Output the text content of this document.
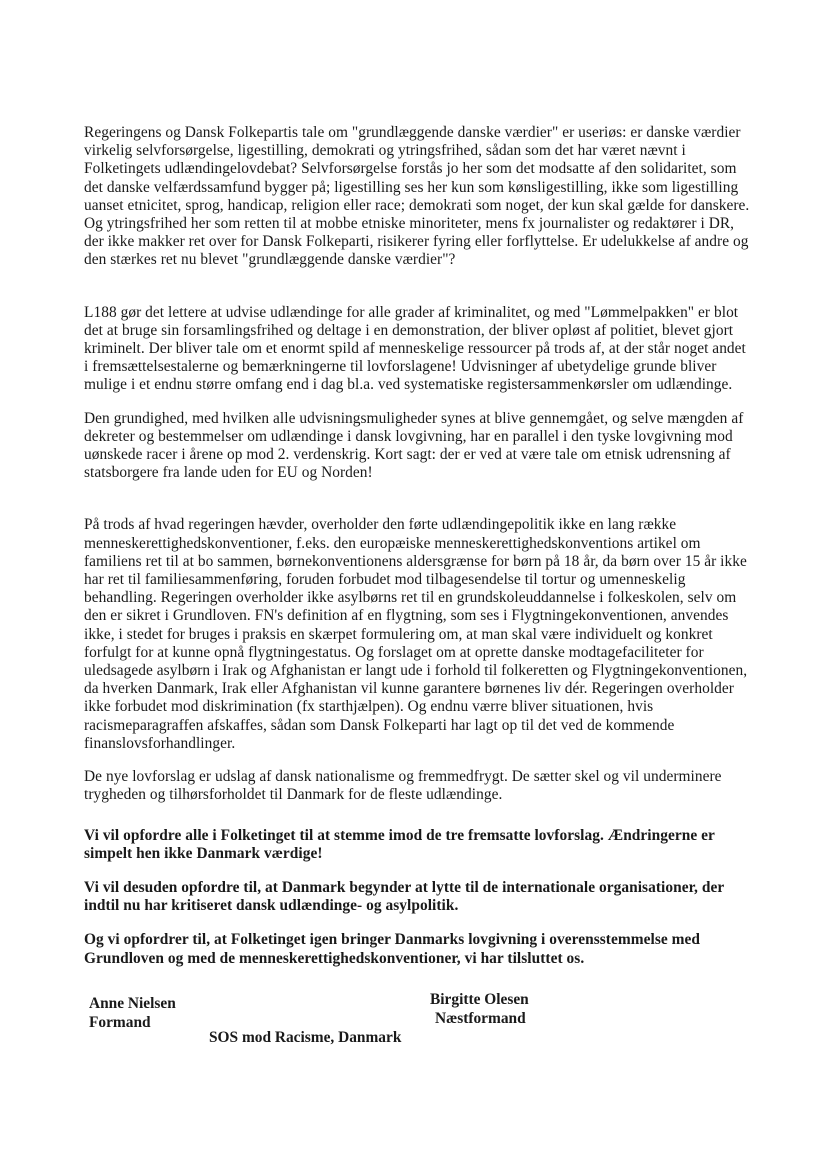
Regeringens og Dansk Folkepartis tale om "grundlæggende danske værdier" er useriøs: er danske værdier virkelig selvforsørgelse, ligestilling, demokrati og ytringsfrihed, sådan som det har været nævnt i Folketingets udlændingelovdebat? Selvforsørgelse forstås jo her som det modsatte af den solidaritet, som det danske velfærdssamfund bygger på; ligestilling ses her kun som kønsligestilling, ikke som ligestilling uanset etnicitet, sprog, handicap, religion eller race; demokrati som noget, der kun skal gælde for danskere. Og ytringsfrihed her som retten til at mobbe etniske minoriteter, mens fx journalister og redaktører i DR, der ikke makker ret over for Dansk Folkeparti, risikerer fyring eller forflyttelse. Er udelukkelse af andre og den stærkes ret nu blevet "grundlæggende danske værdier"?

L188 gør det lettere at udvise udlændinge for alle grader af kriminalitet, og med "Lømmelpakken" er blot det at bruge sin forsamlingsfrihed og deltage i en demonstration, der bliver opløst af politiet, blevet gjort kriminelt. Der bliver tale om et enormt spild af menneskelige ressourcer på trods af, at der står noget andet i fremsættelsestalerne og bemærkningerne til lovforslagene! Udvisninger af ubetydelige grunde bliver mulige i et endnu større omfang end i dag bl.a. ved systematiske registersammenkørsler om udlændinge.

Den grundighed, med hvilken alle udvisningsmuligheder synes at blive gennemgået, og selve mængden af dekreter og bestemmelser om udlændinge i dansk lovgivning, har en parallel i den tyske lovgivning mod uønskede racer i årene op mod 2. verdenskrig. Kort sagt: der er ved at være tale om etnisk udrensning af statsborgere fra lande uden for EU og Norden!

På trods af hvad regeringen hævder, overholder den førte udlændingepolitik ikke en lang række menneskerettighedskonventioner, f.eks. den europæiske menneskerettighedskonventions artikel om familiens ret til at bo sammen, børnekonventionens aldersgrænse for børn på 18 år, da børn over 15 år ikke har ret til familiesammenføring, foruden forbudet mod tilbagesendelse til tortur og umenneskelig behandling. Regeringen overholder ikke asylbørns ret til en grundskoleuddannelse i folkeskolen, selv om den er sikret i Grundloven. FN's definition af en flygtning, som ses i Flygtningekonventionen, anvendes ikke, i stedet for bruges i praksis en skærpet formulering om, at man skal være individuelt og konkret forfulgt for at kunne opnå flygtningestatus. Og forslaget om at oprette danske modtagefaciliteter for uledsagede asylbørn i Irak og Afghanistan er langt ude i forhold til folkeretten og Flygtningekonventionen, da hverken Danmark, Irak eller Afghanistan vil kunne garantere børnenes liv dér. Regeringen overholder ikke forbudet mod diskrimination (fx starthjælpen). Og endnu værre bliver situationen, hvis racismeparagraffen afskaffes, sådan som Dansk Folkeparti har lagt op til det ved de kommende finanslovsforhandlinger.

De nye lovforslag er udslag af dansk nationalisme og fremmedfrygt. De sætter skel og vil underminere trygheden og tilhørsforholdet til Danmark for de fleste udlændinge.

Vi vil opfordre alle i Folketinget til at stemme imod de tre fremsatte lovforslag. Ændringerne er simpelt hen ikke Danmark værdige!

Vi vil desuden opfordre til, at Danmark begynder at lytte til de internationale organisationer, der indtil nu har kritiseret dansk udlændinge- og asylpolitik.

Og vi opfordrer til, at Folketinget igen bringer Danmarks lovgivning i overensstemmelse med Grundloven og med de menneskerettighedskonventioner, vi har tilsluttet os.

Anne Nielsen
Formand
Birgitte Olesen
Næstformand
SOS mod Racisme, Danmark
